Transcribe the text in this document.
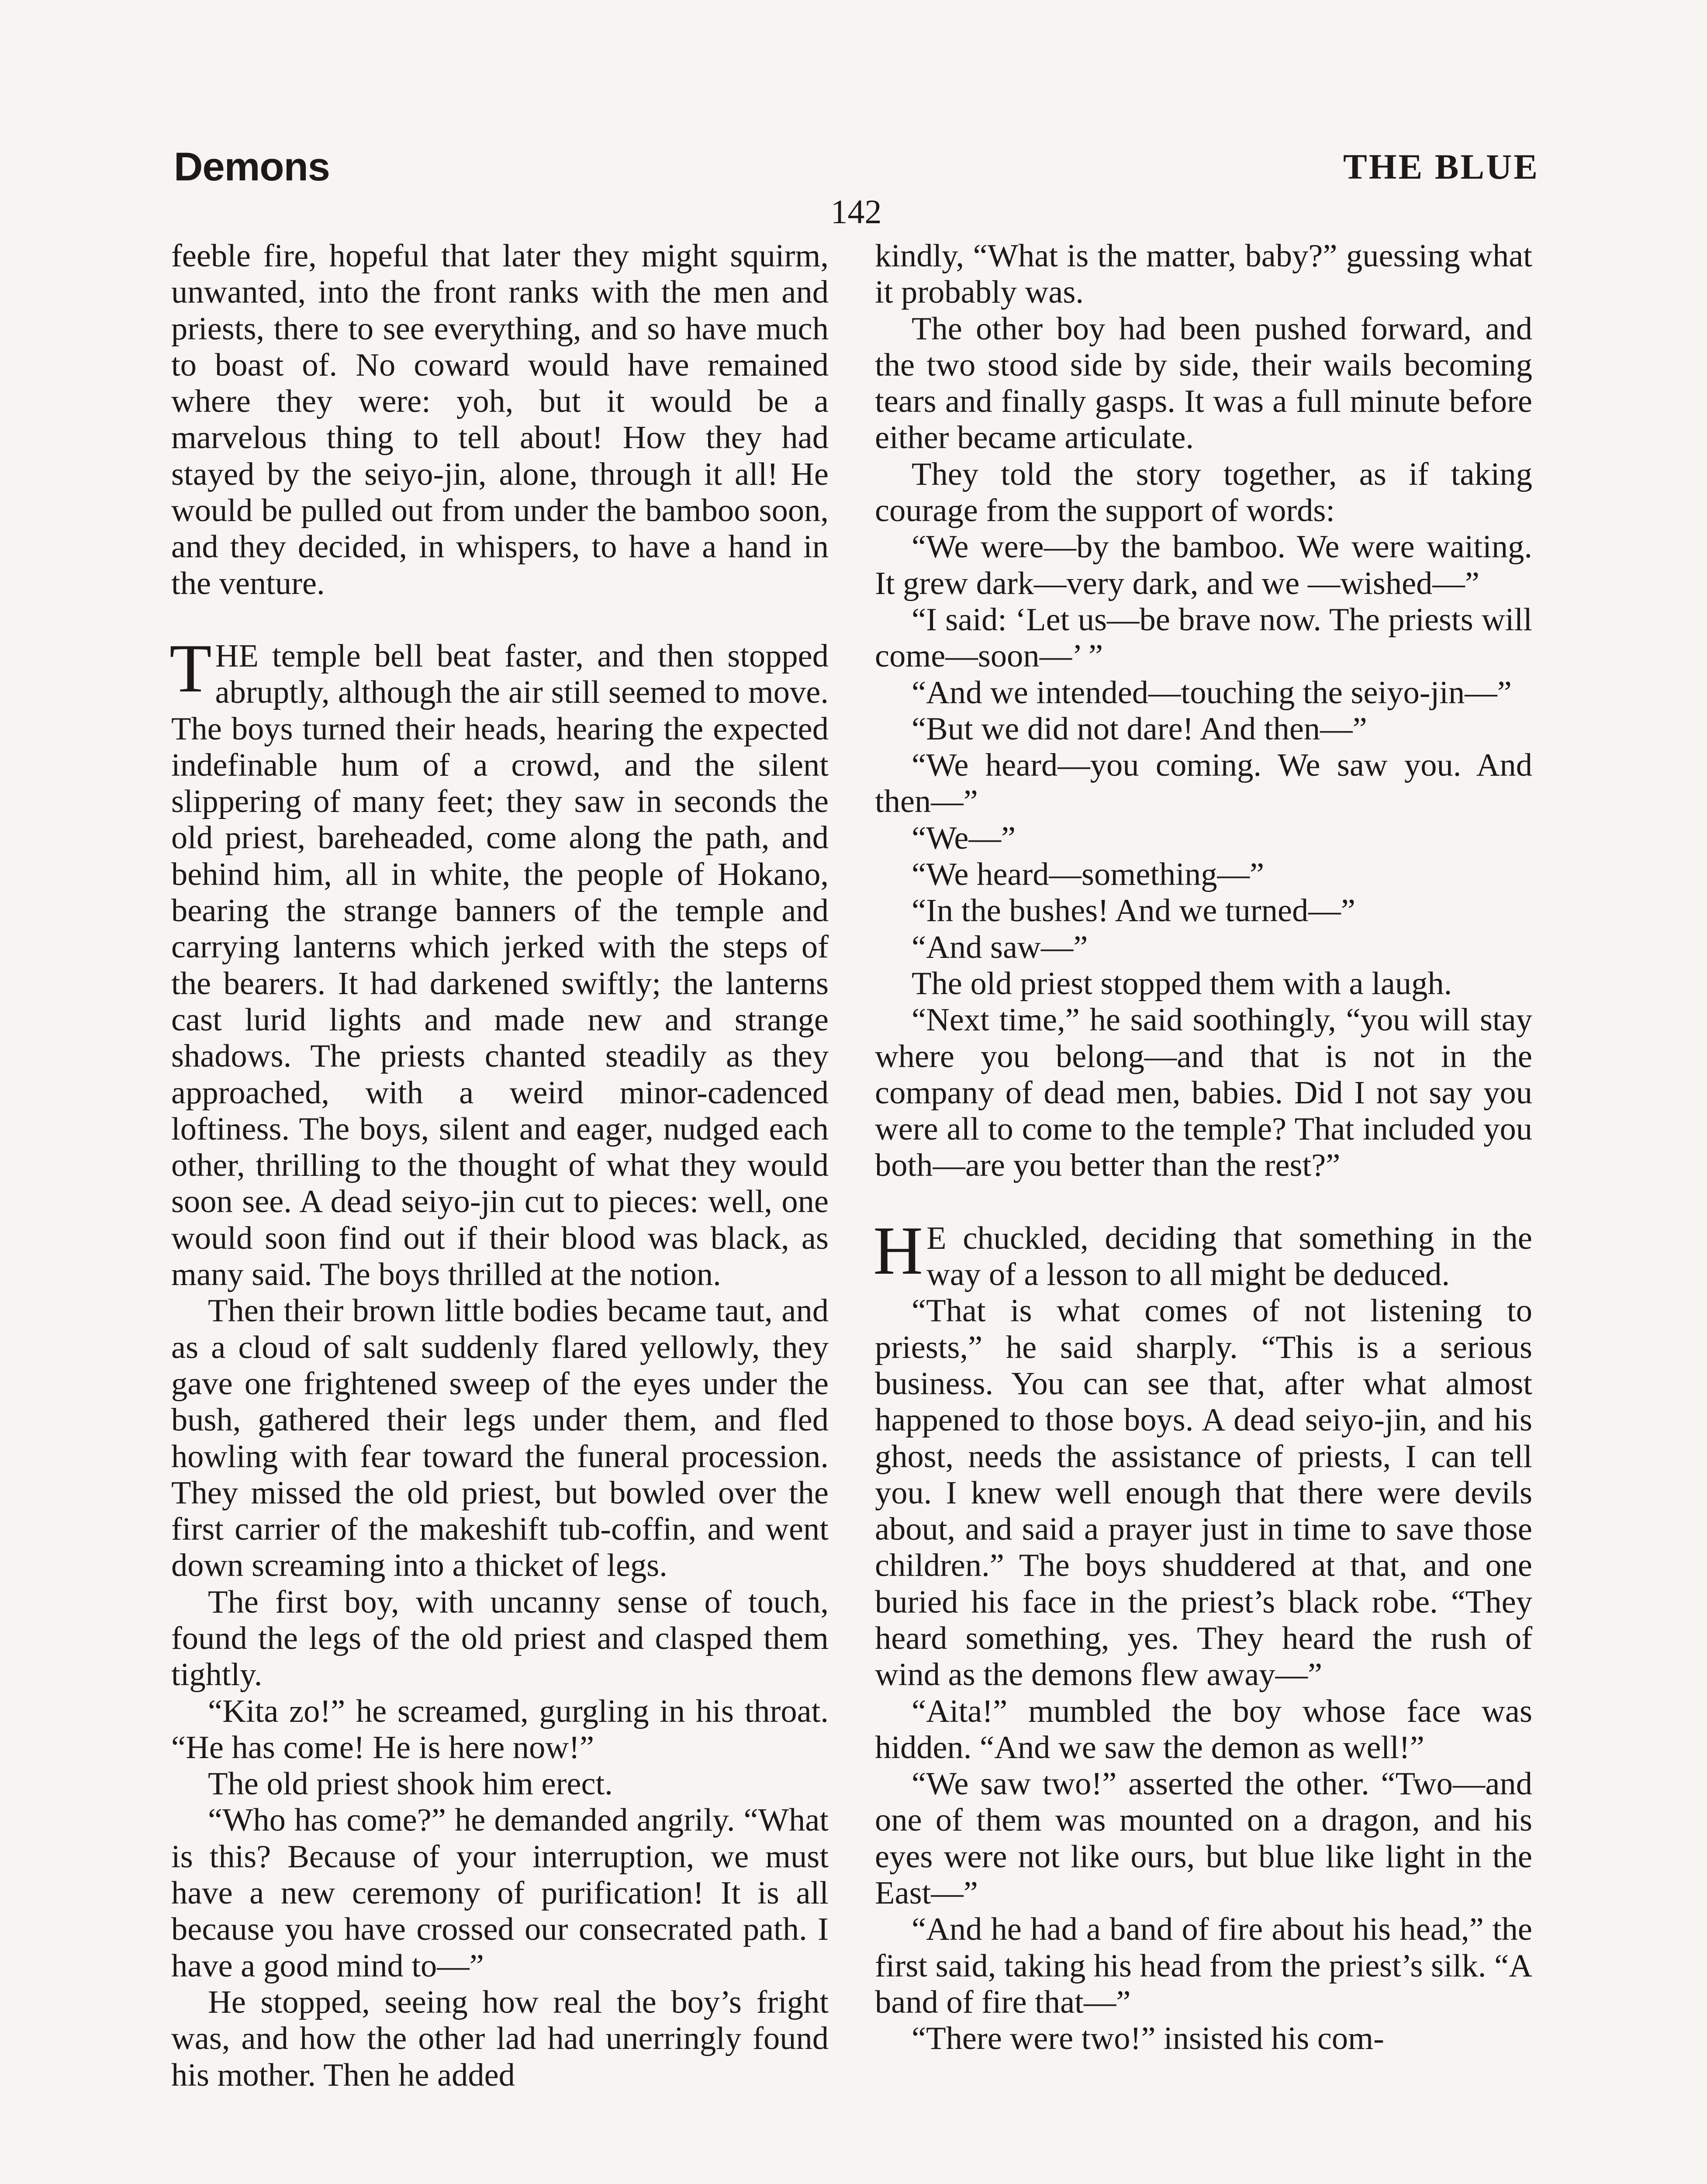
Demons	THE BLUE
142

feeble fire, hopeful that later they might squirm, unwanted, into the front ranks with the men and priests, there to see everything, and so have much to boast of. No coward would have remained where they were: yoh, but it would be a marvelous thing to tell about! How they had stayed by the seiyo-jin, alone, through it all! He would be pulled out from under the bamboo soon, and they decided, in whispers, to have a hand in the venture.

THE temple bell beat faster, and then stopped abruptly, although the air still seemed to move. The boys turned their heads, hearing the expected indefinable hum of a crowd, and the silent slippering of many feet; they saw in seconds the old priest, bareheaded, come along the path, and behind him, all in white, the people of Hokano, bearing the strange banners of the temple and carrying lanterns which jerked with the steps of the bearers. It had darkened swiftly; the lanterns cast lurid lights and made new and strange shadows. The priests chanted steadily as they approached, with a weird minor-cadenced loftiness. The boys, silent and eager, nudged each other, thrilling to the thought of what they would soon see. A dead seiyo-jin cut to pieces: well, one would soon find out if their blood was black, as many said. The boys thrilled at the notion.

Then their brown little bodies became taut, and as a cloud of salt suddenly flared yellowly, they gave one frightened sweep of the eyes under the bush, gathered their legs under them, and fled howling with fear toward the funeral procession. They missed the old priest, but bowled over the first carrier of the makeshift tub-coffin, and went down screaming into a thicket of legs.

The first boy, with uncanny sense of touch, found the legs of the old priest and clasped them tightly.

“Kita zo!” he screamed, gurgling in his throat. “He has come! He is here now!”

The old priest shook him erect.

“Who has come?” he demanded angrily. “What is this? Because of your interruption, we must have a new ceremony of purification! It is all because you have crossed our consecrated path. I have a good mind to—”

He stopped, seeing how real the boy’s fright was, and how the other lad had unerringly found his mother. Then he added

kindly, “What is the matter, baby?” guessing what it probably was.

The other boy had been pushed forward, and the two stood side by side, their wails becoming tears and finally gasps. It was a full minute before either became articulate.

They told the story together, as if taking courage from the support of words:

“We were—by the bamboo. We were waiting. It grew dark—very dark, and we —wished—”

“I said: ‘Let us—be brave now. The priests will come—soon—’ ”

“And we intended—touching the seiyo-jin—”

“But we did not dare! And then—”

“We heard—you coming. We saw you. And then—”

“We—”

“We heard—something—”

“In the bushes! And we turned—”

“And saw—”

The old priest stopped them with a laugh.

“Next time,” he said soothingly, “you will stay where you belong—and that is not in the company of dead men, babies. Did I not say you were all to come to the temple? That included you both—are you better than the rest?”

H E chuckled, deciding that something in the way of a lesson to all might be deduced.

“That is what comes of not listening to priests,” he said sharply. “This is a serious business. You can see that, after what almost happened to those boys. A dead seiyo-jin, and his ghost, needs the assistance of priests, I can tell you. I knew well enough that there were devils about, and said a prayer just in time to save those children.” The boys shuddered at that, and one buried his face in the priest’s black robe. “They heard something, yes. They heard the rush of wind as the demons flew away—”

“Aita!” mumbled the boy whose face was hidden. “And we saw the demon as well!”

“We saw two!” asserted the other. “Two—and one of them was mounted on a dragon, and his eyes were not like ours, but blue like light in the East—”

“And he had a band of fire about his head,” the first said, taking his head from the priest’s silk. “A band of fire that—”

“There were two!” insisted his com-
